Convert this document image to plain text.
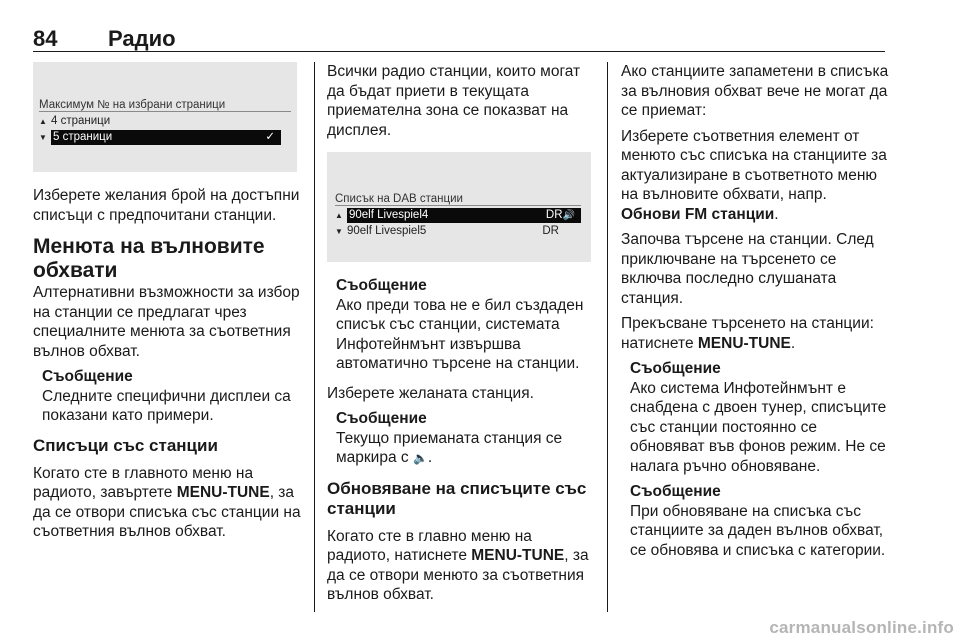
84 Радио
Максимум № на избрани страници
▲ 4 страници
▼ 5 страници	✓

Изберете желания брой на достъпни списъци с предпочитани станции.

Менюта на вълновите обхвати

Алтернативни възможности за избор на станции се предлагат чрез специалните менюта за съответния вълнов обхват.

Съобщение
Следните специфични дисплеи са показани като примери.
Списъци със станции

Когато сте в главното меню на радиото, завъртете MENU-TUNE, за да се отвори списъка със станции на съответния вълнов обхват.

Всички радио станции, които могат да бъдат приети в текущата приемателна зона се показват на дисплея.

Списък на DAB станции
▲ 90elf Livespiel4	DR🔊
▼ 90elf Livespiel5	DR
Съобщение
Ако преди това не е бил създаден списък със станции, системата Инфотейнмънт извършва автоматично търсене на станции.

Изберете желаната станция.

Съобщение
Текущо приеманата станция се маркира с 🔈.
Обновяване на списъците със станции

Когато сте в главно меню на радиото, натиснете MENU-TUNE, за да се отвори менюто за съответния вълнов обхват.

Ако станциите запаметени в списъка за вълновия обхват вече не могат да се приемат:

Изберете съответния елемент от менюто със списъка на станциите за актуализиране в съответното меню на вълновите обхвати, напр. Обнови FM станции.

Започва търсене на станции. След приключване на търсенето се включва последно слушаната станция.

Прекъсване търсенето на станции: натиснете MENU-TUNE.

Съобщение
Ако система Инфотейнмънт е снабдена с двоен тунер, списъците със станции постоянно се обновяват във фонов режим. Не се налага ръчно обновяване.
Съобщение
При обновяване на списъка със станциите за даден вълнов обхват, се обновява и списъка с категории.
carmanualsonline.info
